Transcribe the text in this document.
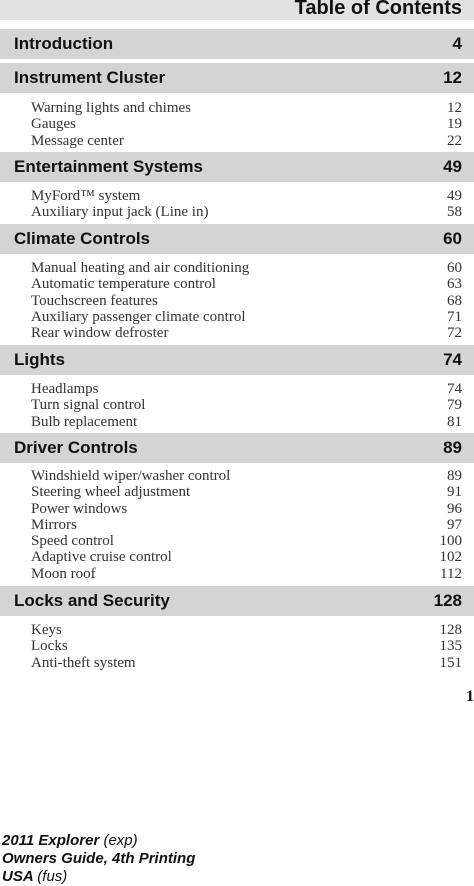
Table of Contents
Introduction	4
Instrument Cluster	12
Warning lights and chimes	12
Gauges	19
Message center	22
Entertainment Systems	49
MyFord™ system	49
Auxiliary input jack (Line in)	58
Climate Controls	60
Manual heating and air conditioning	60
Automatic temperature control	63
Touchscreen features	68
Auxiliary passenger climate control	71
Rear window defroster	72
Lights	74
Headlamps	74
Turn signal control	79
Bulb replacement	81
Driver Controls	89
Windshield wiper/washer control	89
Steering wheel adjustment	91
Power windows	96
Mirrors	97
Speed control	100
Adaptive cruise control	102
Moon roof	112
Locks and Security	128
Keys	128
Locks	135
Anti-theft system	151
1
2011 Explorer (exp)
Owners Guide, 4th Printing
USA (fus)
